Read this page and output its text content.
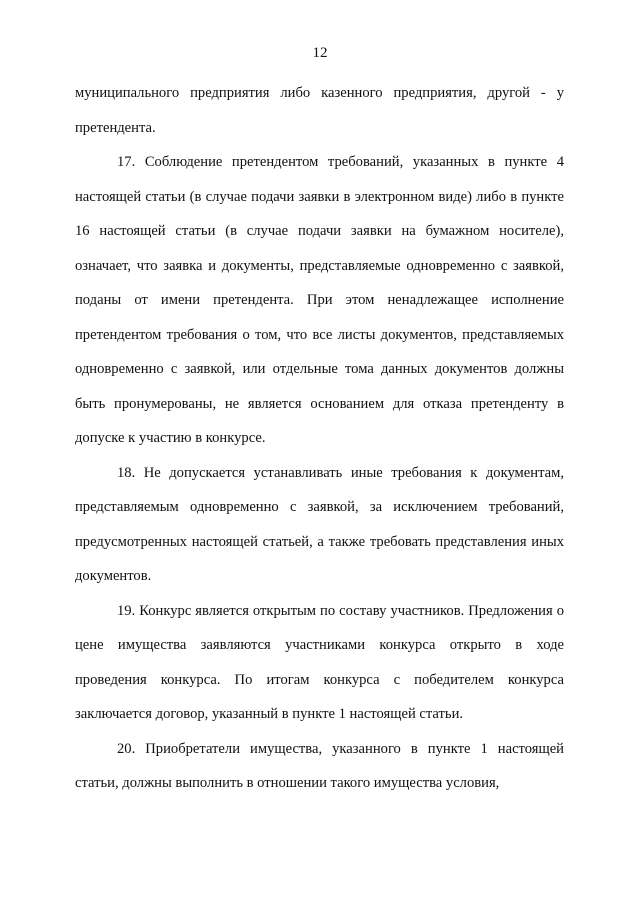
12

муниципального предприятия либо казенного предприятия, другой - у претендента.

17. Соблюдение претендентом требований, указанных в пункте 4 настоящей статьи (в случае подачи заявки в электронном виде) либо в пункте 16 настоящей статьи (в случае подачи заявки на бумажном носителе), означает, что заявка и документы, представляемые одновременно с заявкой, поданы от имени претендента. При этом ненадлежащее исполнение претендентом требования о том, что все листы документов, представляемых одновременно с заявкой, или отдельные тома данных документов должны быть пронумерованы, не является основанием для отказа претенденту в допуске к участию в конкурсе.

18. Не допускается устанавливать иные требования к документам, представляемым одновременно с заявкой, за исключением требований, предусмотренных настоящей статьей, а также требовать представления иных документов.

19. Конкурс является открытым по составу участников. Предложения о цене имущества заявляются участниками конкурса открыто в ходе проведения конкурса. По итогам конкурса с победителем конкурса заключается договор, указанный в пункте 1 настоящей статьи.

20. Приобретатели имущества, указанного в пункте 1 настоящей статьи, должны выполнить в отношении такого имущества условия,
